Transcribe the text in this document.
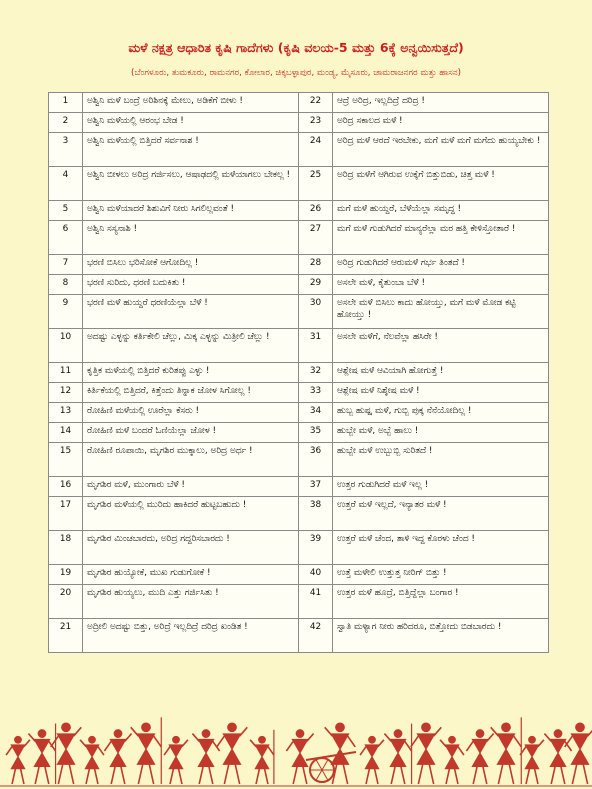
ಮಳೆ ನಕ್ಷತ್ರ ಆಧಾರಿತ ಕೃಷಿ ಗಾದೆಗಳು (ಕೃಷಿ ವಲಯ-5 ಮತ್ತು 6ಕ್ಕೆ ಅನ್ವಯಿಸುತ್ತದೆ)
(ಬೆಂಗಳೂರು, ತುಮಕೂರು, ರಾಮನಗರ, ಕೋಲಾರ, ಚಿಕ್ಕಬಳ್ಳಾಪುರ, ಮಂಡ್ಯ, ಮೈಸೂರು, ಚಾಮರಾಜನಗರ ಮತ್ತು ಹಾಸನ)
1	ಅಶ್ವಿನಿ ಮಳೆ ಬಂದ್ರೆ ಅರಿಶಿನಕ್ಕೆ ಮೇಲು, ಅಡಿಕೆಗೆ ಬೀಳು !	22	ಆದ್ರೆ ಅರಿದ್ರ, ಇಲ್ಲದಿದ್ರೆ ದರಿದ್ರ !
2	ಅಶ್ವಿನಿ ಮಳೆಯಲ್ಲಿ ಆರಂಭ ಬೇಡ !	23	ಅರಿದ್ರ ಸಕಾಲದ ಮಳೆ !
3	ಅಶ್ವಿನಿ ಮಳೆಯಲ್ಲಿ ಬಿತ್ತಿದರೆ ಸರ್ವನಾಶ !	24	ಅರಿದ್ರ ಮಳೆ ಆರದೆ ಇರಬೇಕು, ಮಗೆ ಮಳೆ ಮಗೆ ಮಗೆದು ಹುಯ್ಯಬೇಕು !
4	ಅಶ್ವಿನಿ ಬೀಳಲು ಅರಿದ್ರ ಗರ್ಜಿಸಲು, ಆಷಾಢದಲ್ಲಿ ಮಳೆಯಾಗಲು ಬೇಕಲ್ಲ !	25	ಅರಿದ್ರ ಮಳೆಗೆ ಆಗಿರುವ ಉಕ್ಕೆಗೆ ಬಿತ್ತುಬಿಡು, ಚಿತ್ತ ಮಳೆ !
5	ಅಶ್ವಿನಿ ಮಳೆಯಾದರೆ ಶಿಶುವಿಗೆ ನೀರು ಸಿಗಲಿಲ್ಲವಂತೆ !	26	ಮಗೆ ಮಳೆ ಹುಯ್ದರೆ, ಬೆಳೆಯೆಲ್ಲಾ ಸಮೃದ್ಧ !
6	ಅಶ್ವಿನಿ ಸಸ್ಯನಾಶಿ !	27	ಮಗೆ ಮಳೆ ಗುಡುಗಿದರೆ ಮಾನ್ಯರೆಲ್ಲಾ ಮರ ಹತ್ತಿ ಕೇಳಿಸ್ತೋತಾರೆ !
7	ಭರಣಿ ಬಿಸಿಲು ಭರಿಸೋಕೆ ಆಗೋದಿಲ್ಲ !	28	ಅರಿದ್ರ ಗುಡುಗಿದರೆ ಆರುಮಳೆ ಗರ್ಭ ತಿಂತದೆ !
8	ಭರಣಿ ಸುರಿದು, ಧರಣಿ ಬದುಕಿತು !	29	ಅಸಲೇ ಮಳೆ, ಕೈತುಂಬಾ ಬೆಳೆ !
9	ಭರಣಿ ಮಳೆ ಹುಯ್ದರೆ ಧರಣಿಯೆಲ್ಲಾ ಬೆಳೆ !	30	ಅಸಲೇ ಮಳೆ ಬಿಸಿಲು ಕಾದು ಹೋಯ್ತು, ಮಗೆ ಮಳೆ ಮೋಡ ಕಟ್ಟಿ ಹೋಯ್ತು !
10	ಅದಷ್ಟು ಎಳ್ಳನ್ನು ಕರ್ತಿಕೇಲಿ ಚೆಲ್ಲು, ಮಿಕ್ಕ ಎಳ್ಳನ್ನು ಮಿತ್ರೀಲಿ ಚೆಲ್ಲು !	31	ಅಸಲೇ ಮಳೆಗೆ, ನೆಲವೆಲ್ಲಾ ಹಸಿರೇ !
11	ಕೃತ್ತಿಕ ಮಳೆಯಲ್ಲಿ ಬಿತ್ತಿದರೆ ಕುರಿತಪ್ಪು ಎಳ್ಳು !	32	ಆಶ್ಲೇಷ ಮಳೆ ಆವಿಯಾಗಿ ಹೋಗುತ್ತೆ !
12	ಕಿರ್ತಿಕೆಯಲ್ಲಿ ಬಿತ್ತಿದರೆ, ಕಿತ್ತೆಂದು ತಿನ್ನಾಕ ಜೋಳ ಸಿಗೋಲ್ಲ !	33	ಆಶ್ಲೇಷ ಮಳೆ ನಿಶ್ಶೇಷ ಮಳೆ !
13	ರೋಹಿಣಿ ಮಳೆಯಲ್ಲಿ ಊರೆಲ್ಲಾ ಕೆಸರು !	34	ಹುಬ್ಬ ಹುಷ್ಷ ಮಳೆ, ಗುಬ್ಬಿ ಪುಕ್ಕ ನೆನೆಯೋದಿಲ್ಲ !
14	ರೋಹಿಣಿ ಮಳೆ ಬಂದರೆ ಓಣಿಯೆಲ್ಲಾ ಜೋಳ !	35	ಹುಬ್ಬೇ ಮಳೆ, ಅಬ್ಬೆ ಹಾಲು !
15	ರೋಹಿಣಿ ರೂಪಾಯಿ, ಮೃಗಶಿರ ಮುಕ್ಕಾಲು, ಅರಿದ್ರ ಅರ್ಧ !	36	ಹುಬ್ಬೇ ಮಳೆ ಉಬ್ಬುಬ್ಬಿ ಸುರಿತದೆ !
16	ಮೃಗಶಿರ ಮಳೆ, ಮುಂಗಾರು ಬೆಳೆ !	37	ಉತ್ತರ ಗುಡುಗಿದರೆ ಮಳೆ ಇಲ್ಲ !
17	ಮೃಗಶಿರ ಮಳೆಯಲ್ಲಿ ಮುರಿದು ಹಾಕಿದರೆ ಹುಟ್ಟಬಹುದು !	38	ಉತ್ತರೆ ಮಳೆ ಇಲ್ಲದೆ, ಇನ್ಯಾತರ ಮಳೆ !
18	ಮೃಗಶಿರ ಮಿಂಚಬಾರದು, ಅರಿದ್ರ ಗದ್ದರಿಸಬಾರದು !	39	ಉತ್ತರೆ ಮಳೆ ಚೆಂದ, ತಾಳಿ ಇದ್ದ ಕೊರಳು ಚೆಂದ !
19	ಮೃಗಶಿರ ಹುಯ್ಯೋಕೆ, ಮುಖ ಗುಡುಗೋಕೆ !	40	ಉತ್ತೆ ಮಳೇಲಿ ಉತ್ತುತ್ತ ನೀರಿಗ್ ಬಿತ್ತು !
20	ಮೃಗಶಿರ ಹುಯ್ಯಲು, ಮುದಿ ಎತ್ತು ಗರ್ಜಿಸಿತು !	41	ಉತ್ತರ ಮಳೆ ಹೂದ್ರೆ, ಬಿತ್ತಿದ್ದೆಲ್ಲಾ ಬಂಗಾರ !
21	ಅದ್ರೀಲಿ ಅದಷ್ಟು ಬಿತ್ತು, ಅರಿದ್ರೆ ಇಲ್ಲದಿದ್ರೆ ದರಿದ್ರ ಖಂಡಿತ !	42	ಸ್ವಾತಿ ಮಳ್ಯಾಗ ನೀರು ಹರಿದರೂ, ಬಿತ್ತೋದು ಬಿಡಬಾರದು !
